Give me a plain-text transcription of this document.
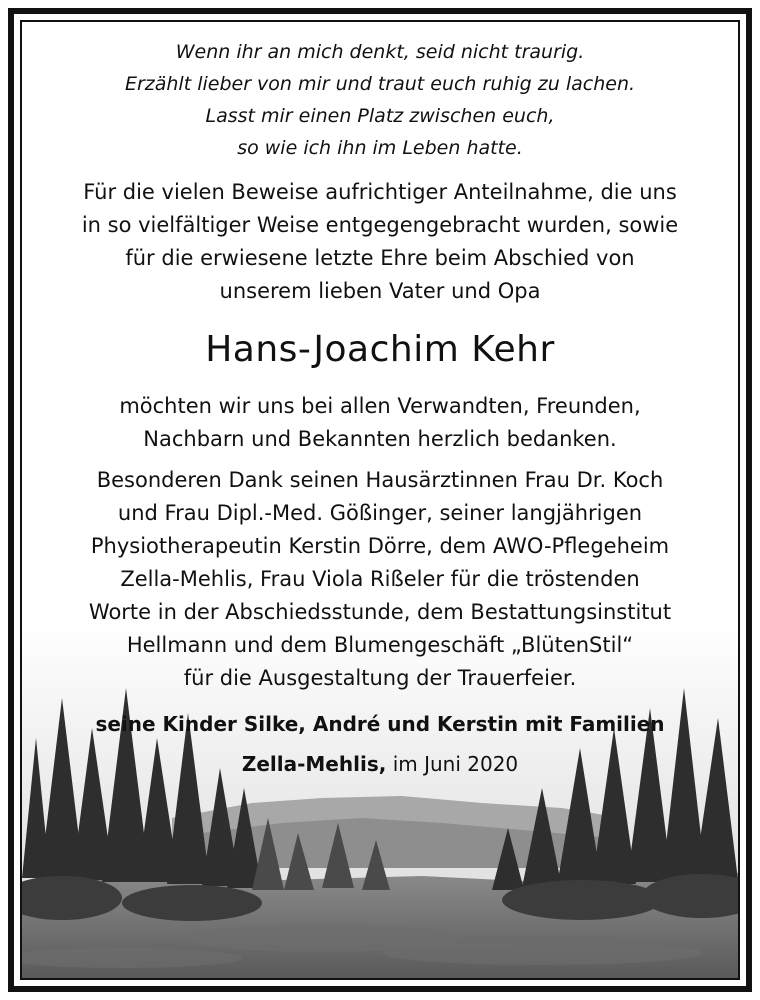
Wenn ihr an mich denkt, seid nicht traurig.
Erzählt lieber von mir und traut euch ruhig zu lachen.
Lasst mir einen Platz zwischen euch,
so wie ich ihn im Leben hatte.
Für die vielen Beweise aufrichtiger Anteilnahme, die uns
in so vielfältiger Weise entgegengebracht wurden, sowie
für die erwiesene letzte Ehre beim Abschied von
unserem lieben Vater und Opa
Hans-Joachim Kehr
möchten wir uns bei allen Verwandten, Freunden,
Nachbarn und Bekannten herzlich bedanken.
Besonderen Dank seinen Hausärztinnen Frau Dr. Koch
und Frau Dipl.-Med. Gößinger, seiner langjährigen
Physiotherapeutin Kerstin Dörre, dem AWO-Pflegeheim
Zella-Mehlis, Frau Viola Rißeler für die tröstenden
Worte in der Abschiedsstunde, dem Bestattungsinstitut
Hellmann und dem Blumengeschäft „BlütenStil“
für die Ausgestaltung der Trauerfeier.
seine Kinder Silke, André und Kerstin mit Familien
Zella-Mehlis, im Juni 2020
